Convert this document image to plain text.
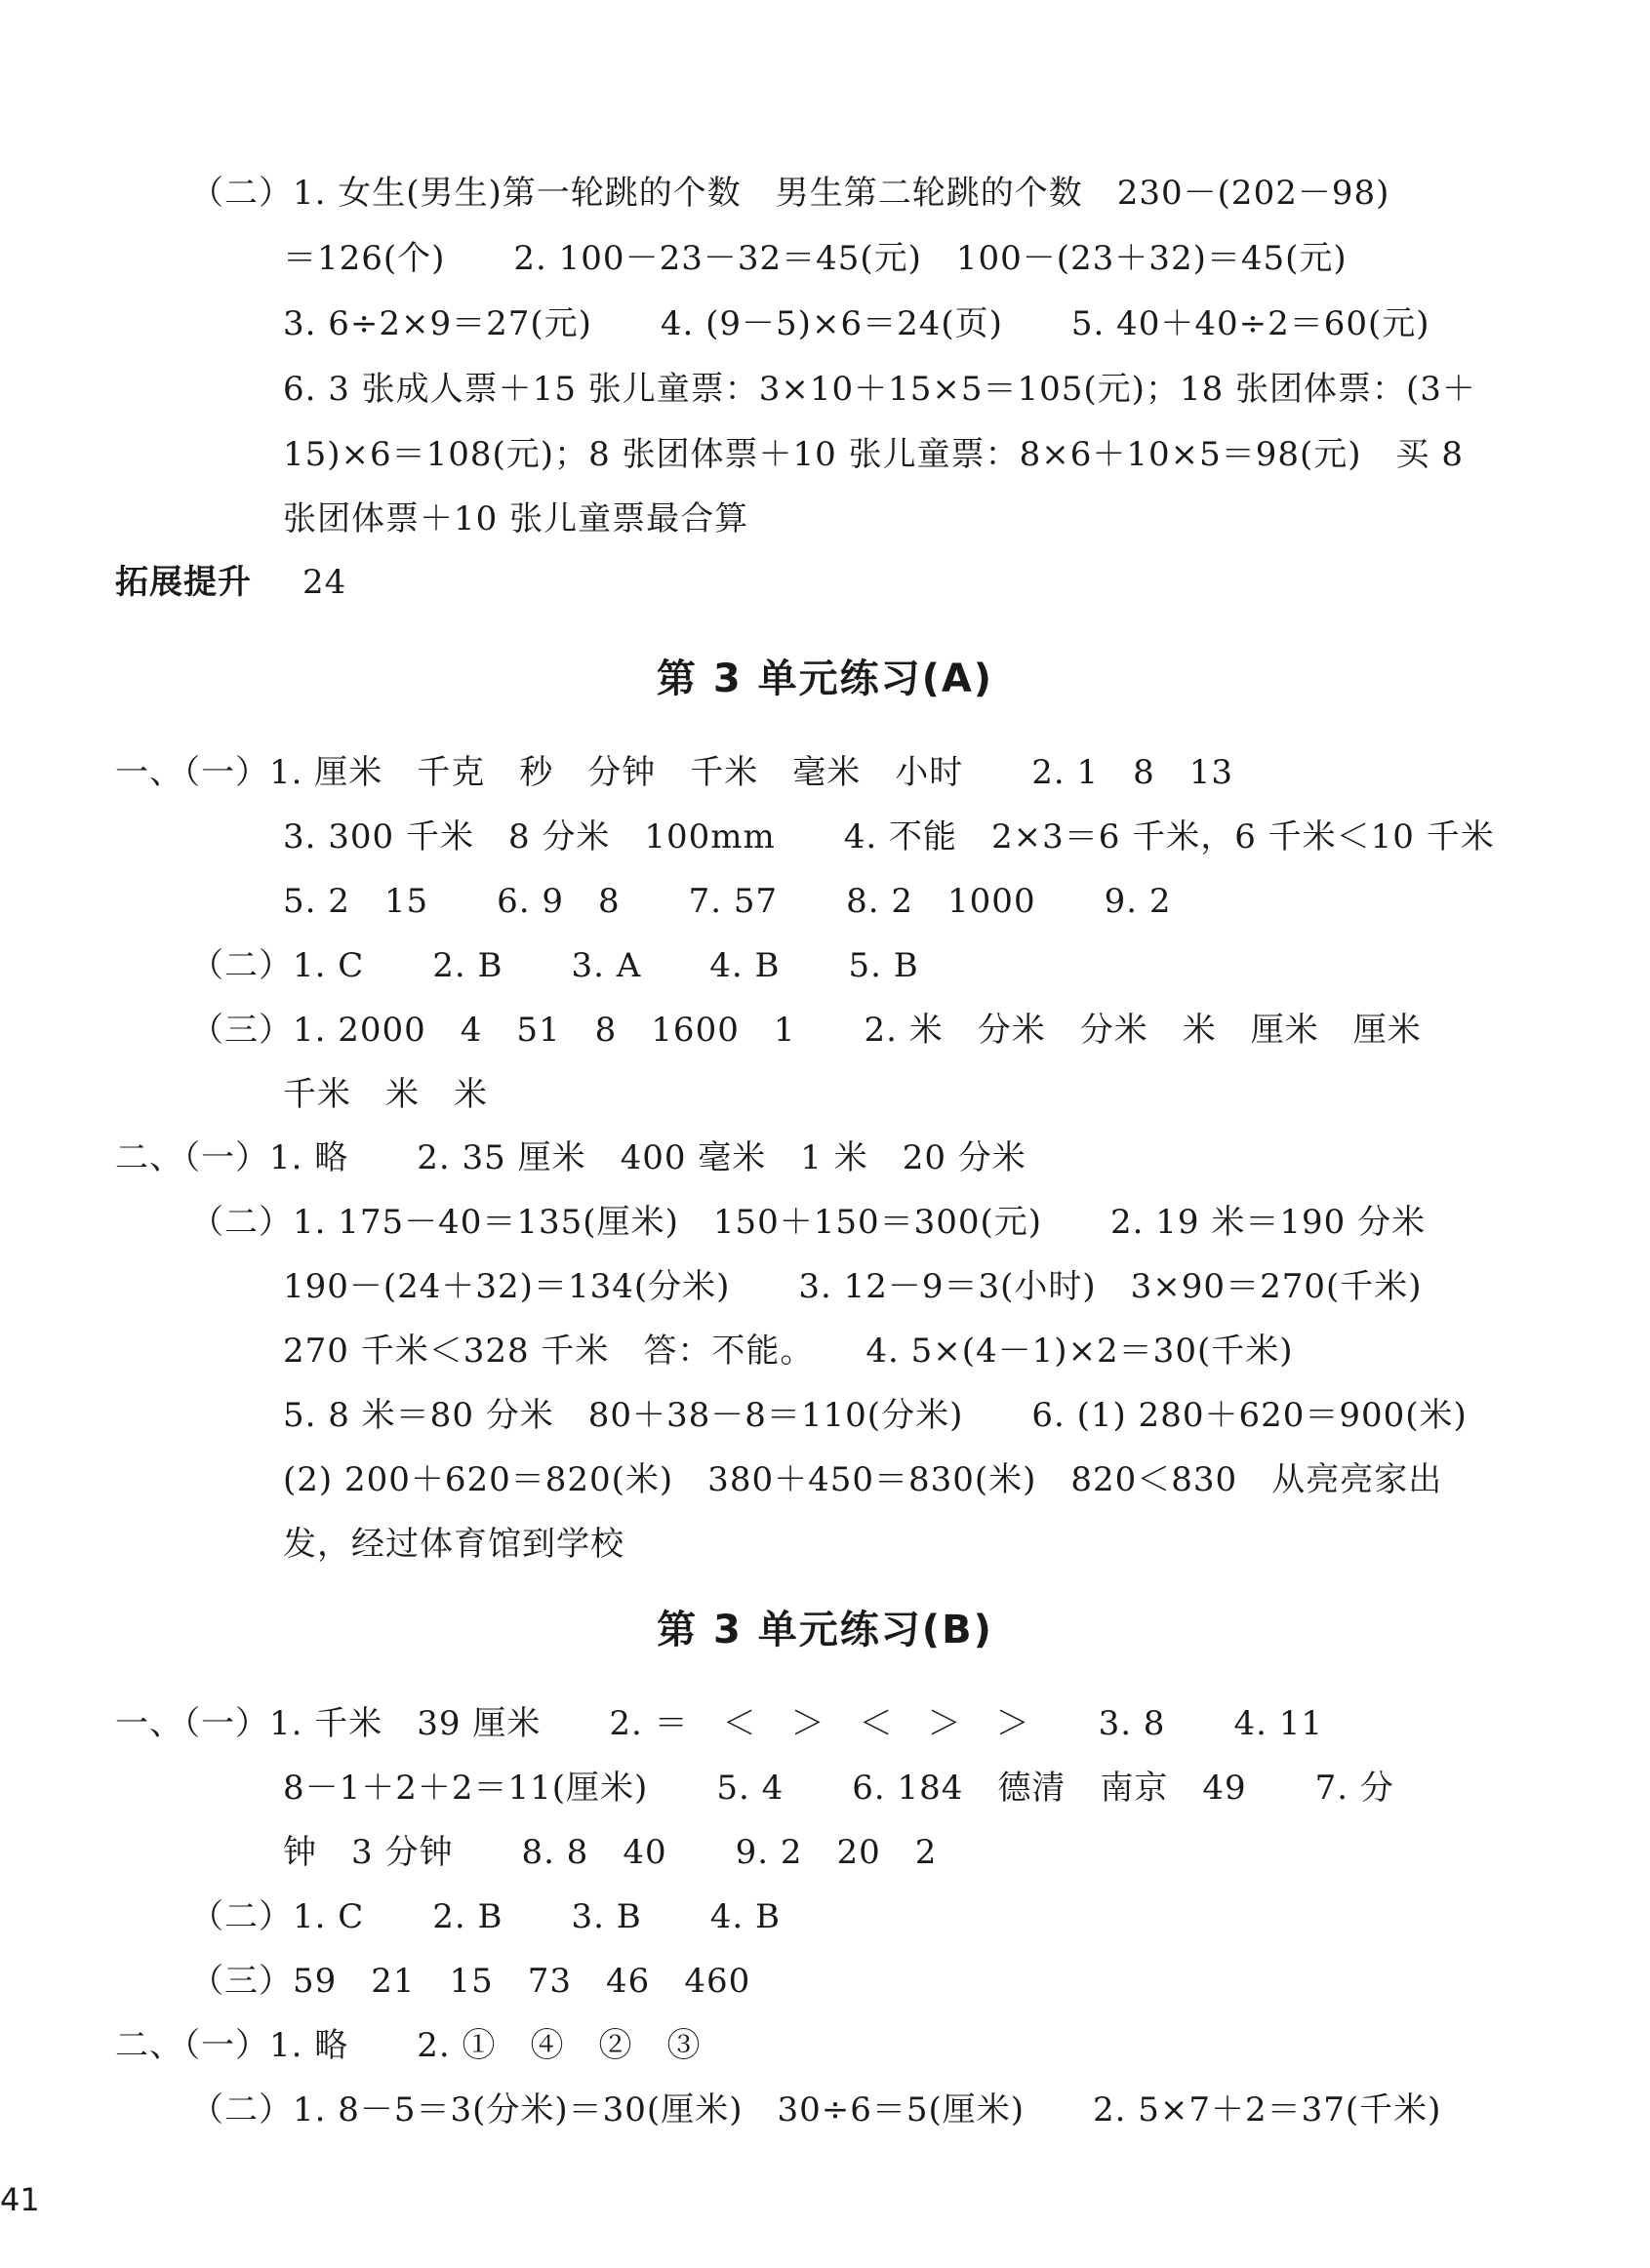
（二）1. 女生(男生)第一轮跳的个数　男生第二轮跳的个数　230－(202－98)
＝126(个)　　2. 100－23－32＝45(元)　100－(23＋32)＝45(元)
3. 6÷2×9＝27(元)　　4. (9－5)×6＝24(页)　　5. 40＋40÷2＝60(元)
6. 3 张成人票＋15 张儿童票：3×10＋15×5＝105(元)；18 张团体票：(3＋
15)×6＝108(元)；8 张团体票＋10 张儿童票：8×6＋10×5＝98(元)　买 8
张团体票＋10 张儿童票最合算
拓展提升 24
第 3 单元练习(A)
一、（一）1. 厘米　千克　秒　分钟　千米　毫米　小时　　2. 1　8　13
3. 300 千米　8 分米　100mm　　4. 不能　2×3＝6 千米，6 千米＜10 千米
5. 2　15　　6. 9　8　　7. 57　　8. 2　1000　　9. 2
（二）1. C　　2. B　　3. A　　4. B　　5. B
（三）1. 2000　4　51　8　1600　1　　2. 米　分米　分米　米　厘米　厘米
千米　米　米
二、（一）1. 略　　2. 35 厘米　400 毫米　1 米　20 分米
（二）1. 175－40＝135(厘米)　150＋150＝300(元)　　2. 19 米＝190 分米
190－(24＋32)＝134(分米)　　3. 12－9＝3(小时)　3×90＝270(千米)
270 千米＜328 千米　答：不能。　　4. 5×(4－1)×2＝30(千米)
5. 8 米＝80 分米　80＋38－8＝110(分米)　　6. (1) 280＋620＝900(米)
(2) 200＋620＝820(米)　380＋450＝830(米)　820＜830　从亮亮家出
发，经过体育馆到学校
第 3 单元练习(B)
一、（一）1. 千米　39 厘米　　2. ＝　＜　＞　＜　＞　＞　　3. 8　　4. 11
8－1＋2＋2＝11(厘米)　　5. 4　　6. 184　德清　南京　49　　7. 分
钟　3 分钟　　8. 8　40　　9. 2　20　2
（二）1. C　　2. B　　3. B　　4. B
（三）59　21　15　73　46　460
二、（一）1. 略　　2. ①　④　②　③
（二）1. 8－5＝3(分米)＝30(厘米)　30÷6＝5(厘米)　　2. 5×7＋2＝37(千米)
41
